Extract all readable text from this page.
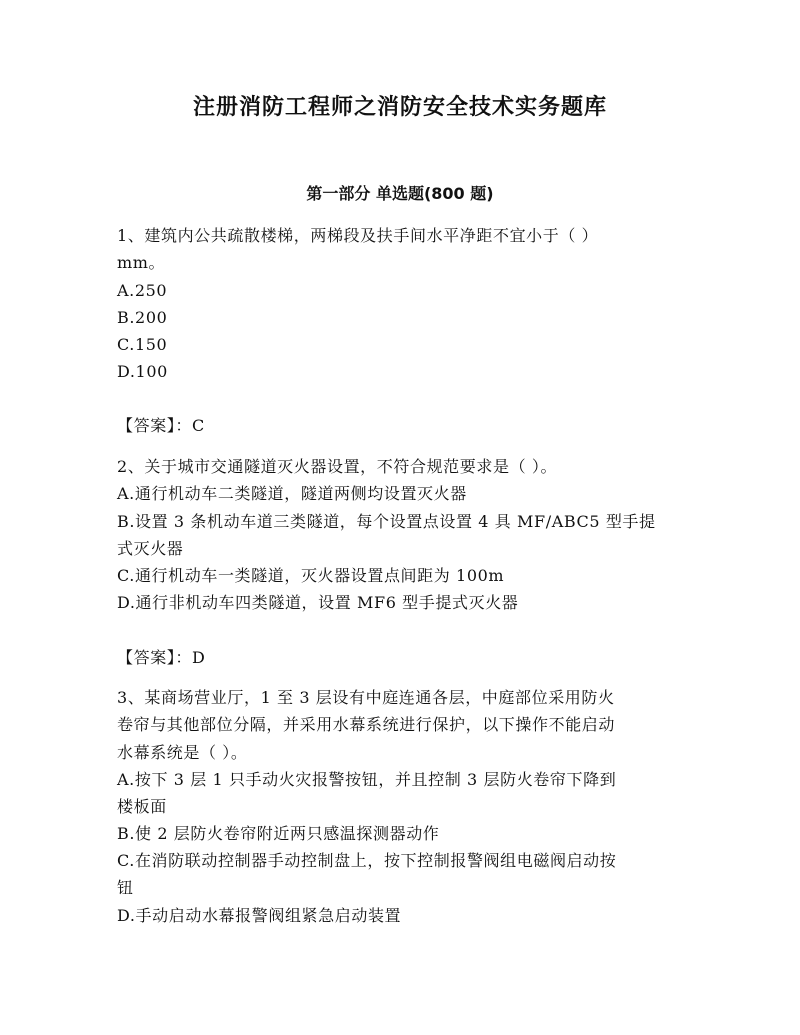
注册消防工程师之消防安全技术实务题库
第一部分 单选题(800 题)
1、建筑内公共疏散楼梯，两梯段及扶手间水平净距不宜小于（ ）
mm。
A.250
B.200
C.150
D.100
【答案】：C
2、关于城市交通隧道灭火器设置，不符合规范要求是（ ）。
A.通行机动车二类隧道，隧道两侧均设置灭火器
B.设置 3 条机动车道三类隧道，每个设置点设置 4 具 MF/ABC5 型手提
式灭火器
C.通行机动车一类隧道，灭火器设置点间距为 100m
D.通行非机动车四类隧道，设置 MF6 型手提式灭火器
【答案】：D
3、某商场营业厅，1 至 3 层设有中庭连通各层，中庭部位采用防火
卷帘与其他部位分隔，并采用水幕系统进行保护，以下操作不能启动
水幕系统是（ ）。
A.按下 3 层 1 只手动火灾报警按钮，并且控制 3 层防火卷帘下降到
楼板面
B.使 2 层防火卷帘附近两只感温探测器动作
C.在消防联动控制器手动控制盘上，按下控制报警阀组电磁阀启动按
钮
D.手动启动水幕报警阀组紧急启动装置
